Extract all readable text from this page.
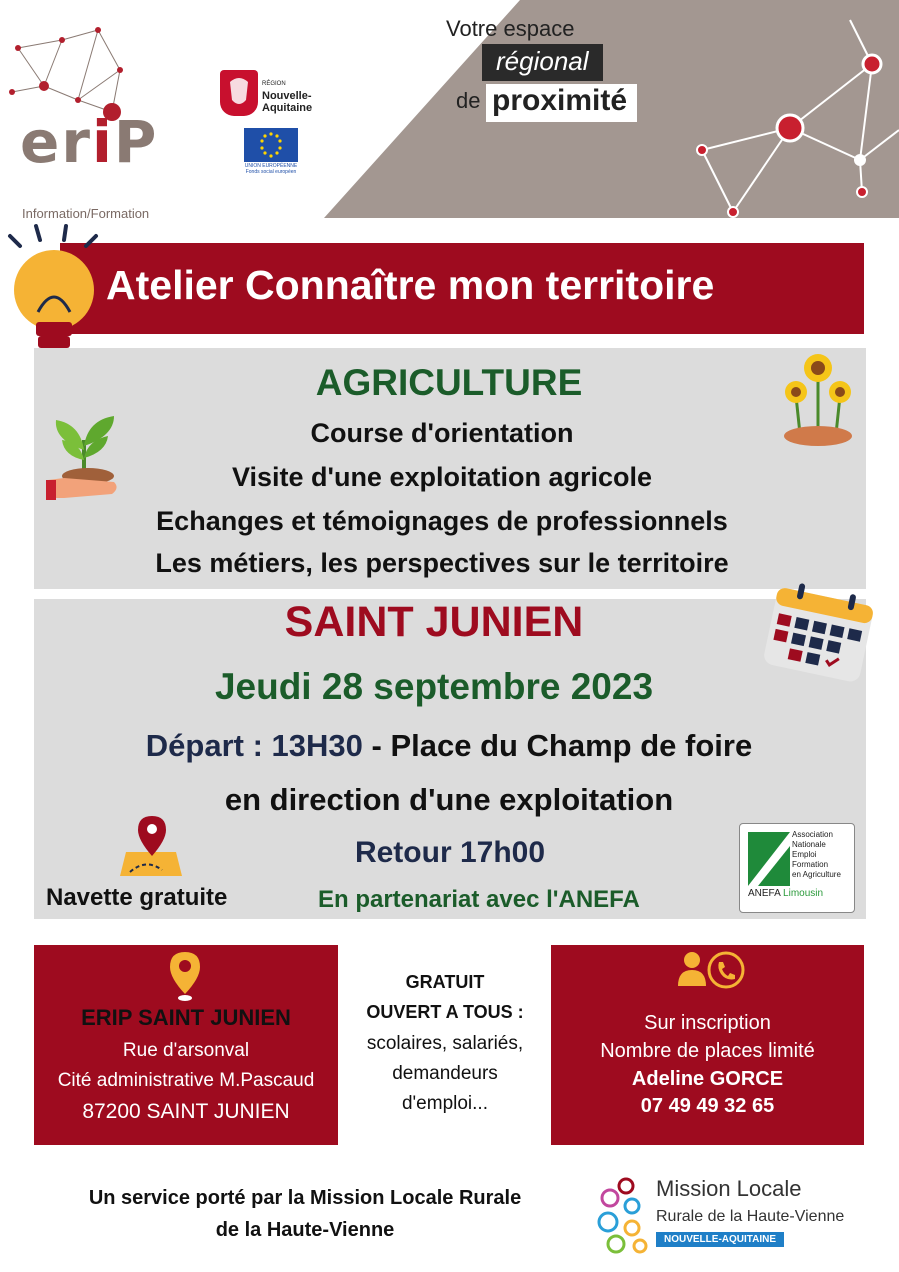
eriP
Information/Formation
RÉGION
Nouvelle-
Aquitaine
UNION EUROPÉENNE
Fonds social européen
Votre espace
régional
de proximité
Atelier Connaître mon territoire
AGRICULTURE
Course d'orientation
Visite d'une exploitation agricole
Echanges et témoignages de professionnels
Les métiers, les perspectives sur le territoire
SAINT JUNIEN
Jeudi 28 septembre 2023
Départ : 13H30 - Place du Champ de foire
en direction d'une exploitation
Retour 17h00
Navette gratuite	En partenariat avec l'ANEFA
Association
Nationale
Emploi
Formation
en Agriculture
ANEFA Limousin
ERIP SAINT JUNIEN
Rue d'arsonval
Cité administrative M.Pascaud
87200 SAINT JUNIEN
GRATUIT
OUVERT A TOUS :
scolaires, salariés,
demandeurs
d'emploi...
Sur inscription
Nombre de places limité
Adeline GORCE
07 49 49 32 65
Un service porté par la Mission Locale Rurale
de la Haute-Vienne
Mission Locale
Rurale de la Haute-Vienne
NOUVELLE-AQUITAINE
